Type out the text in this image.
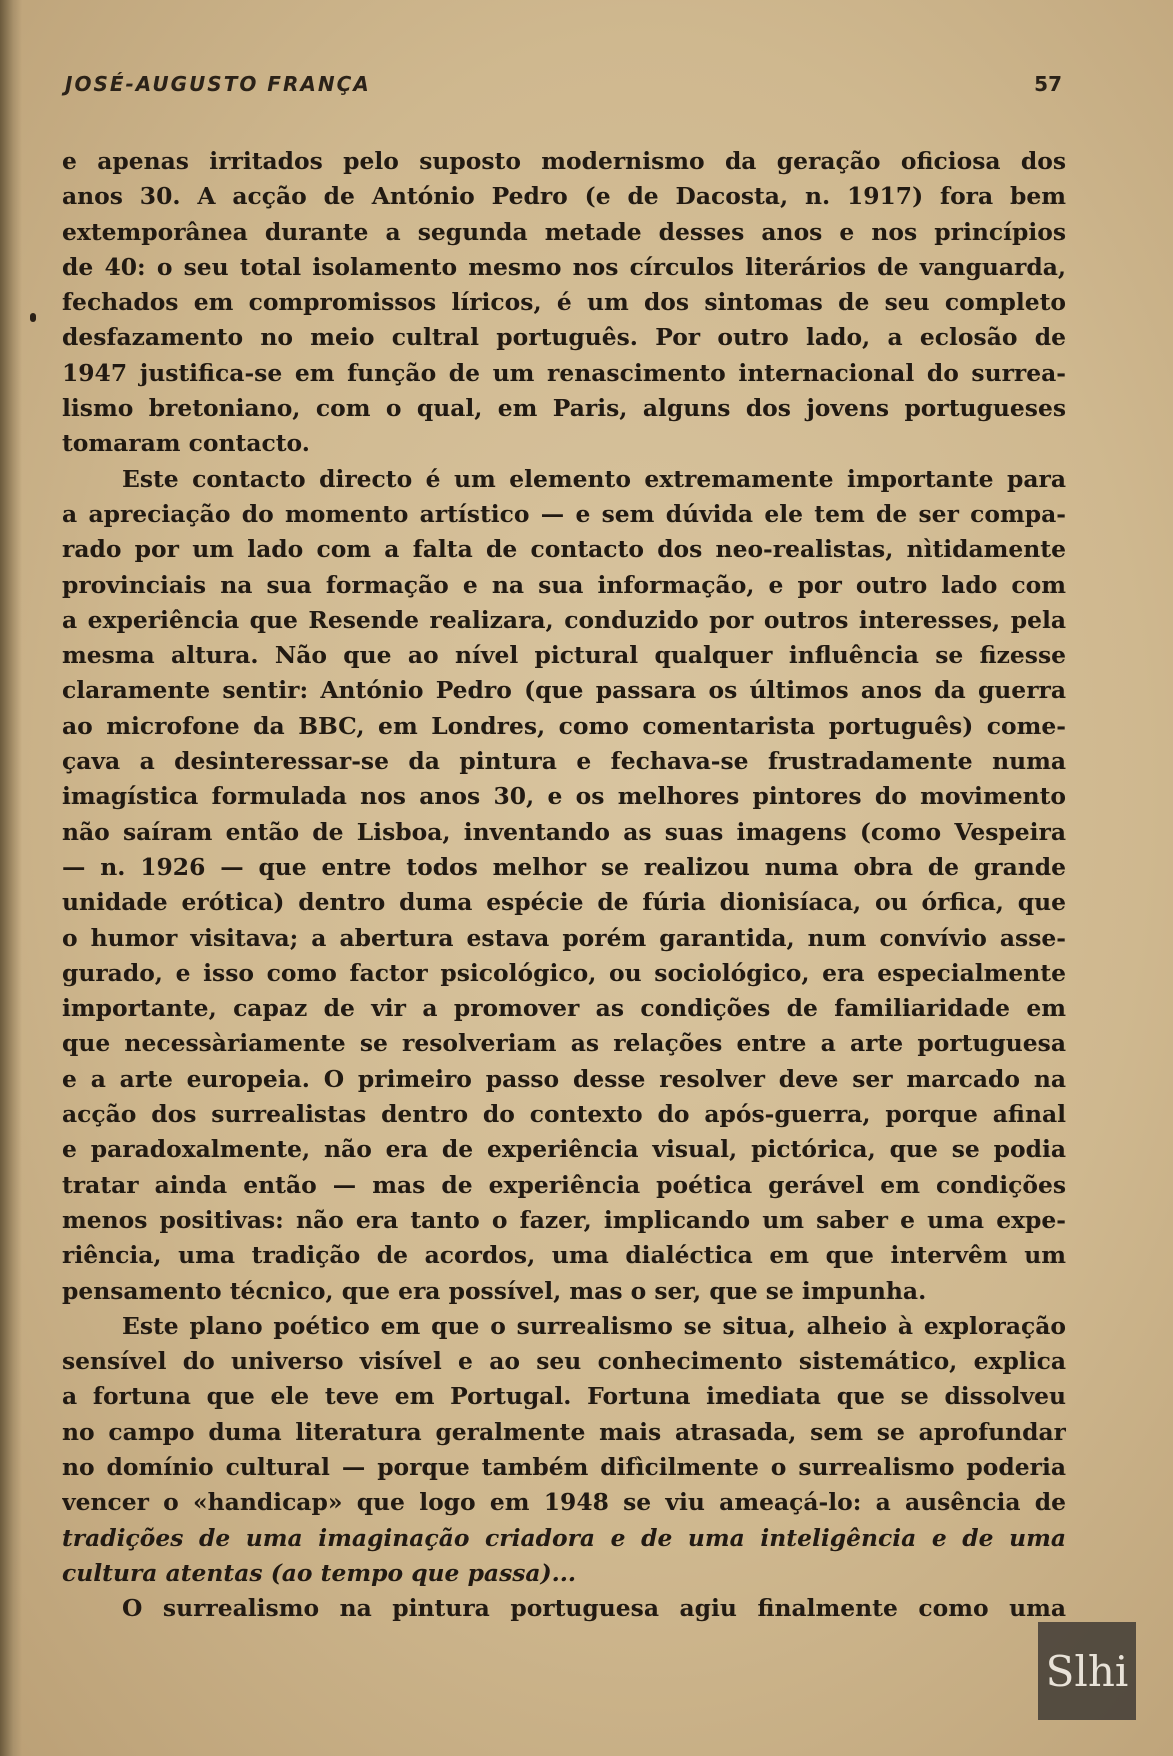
JOSÉ-AUGUSTO FRANÇA	57
e apenas irritados pelo suposto modernismo da geração oficiosa dos
anos 30. A acção de António Pedro (e de Dacosta, n. 1917) fora bem
extemporânea durante a segunda metade desses anos e nos princípios
de 40: o seu total isolamento mesmo nos círculos literários de vanguarda,
fechados em compromissos líricos, é um dos sintomas de seu completo
desfazamento no meio cultral português. Por outro lado, a eclosão de
1947 justifica-se em função de um renascimento internacional do surrea-
lismo bretoniano, com o qual, em Paris, alguns dos jovens portugueses
tomaram contacto.
Este contacto directo é um elemento extremamente importante para
a apreciação do momento artístico — e sem dúvida ele tem de ser compa-
rado por um lado com a falta de contacto dos neo-realistas, nìtidamente
provinciais na sua formação e na sua informação, e por outro lado com
a experiência que Resende realizara, conduzido por outros interesses, pela
mesma altura. Não que ao nível pictural qualquer influência se fizesse
claramente sentir: António Pedro (que passara os últimos anos da guerra
ao microfone da BBC, em Londres, como comentarista português) come-
çava a desinteressar-se da pintura e fechava-se frustradamente numa
imagística formulada nos anos 30, e os melhores pintores do movimento
não saíram então de Lisboa, inventando as suas imagens (como Vespeira
— n. 1926 — que entre todos melhor se realizou numa obra de grande
unidade erótica) dentro duma espécie de fúria dionisíaca, ou órfica, que
o humor visitava; a abertura estava porém garantida, num convívio asse-
gurado, e isso como factor psicológico, ou sociológico, era especialmente
importante, capaz de vir a promover as condições de familiaridade em
que necessàriamente se resolveriam as relações entre a arte portuguesa
e a arte europeia. O primeiro passo desse resolver deve ser marcado na
acção dos surrealistas dentro do contexto do após-guerra, porque afinal
e paradoxalmente, não era de experiência visual, pictórica, que se podia
tratar ainda então — mas de experiência poética gerável em condições
menos positivas: não era tanto o fazer, implicando um saber e uma expe-
riência, uma tradição de acordos, uma dialéctica em que intervêm um
pensamento técnico, que era possível, mas o ser, que se impunha.
Este plano poético em que o surrealismo se situa, alheio à exploração
sensível do universo visível e ao seu conhecimento sistemático, explica
a fortuna que ele teve em Portugal. Fortuna imediata que se dissolveu
no campo duma literatura geralmente mais atrasada, sem se aprofundar
no domínio cultural — porque também difìcilmente o surrealismo poderia
vencer o «handicap» que logo em 1948 se viu ameaçá-lo: a ausência de
tradições de uma imaginação criadora e de uma inteligência e de uma
cultura atentas (ao tempo que passa)...
O surrealismo na pintura portuguesa agiu finalmente como uma
Slhi
